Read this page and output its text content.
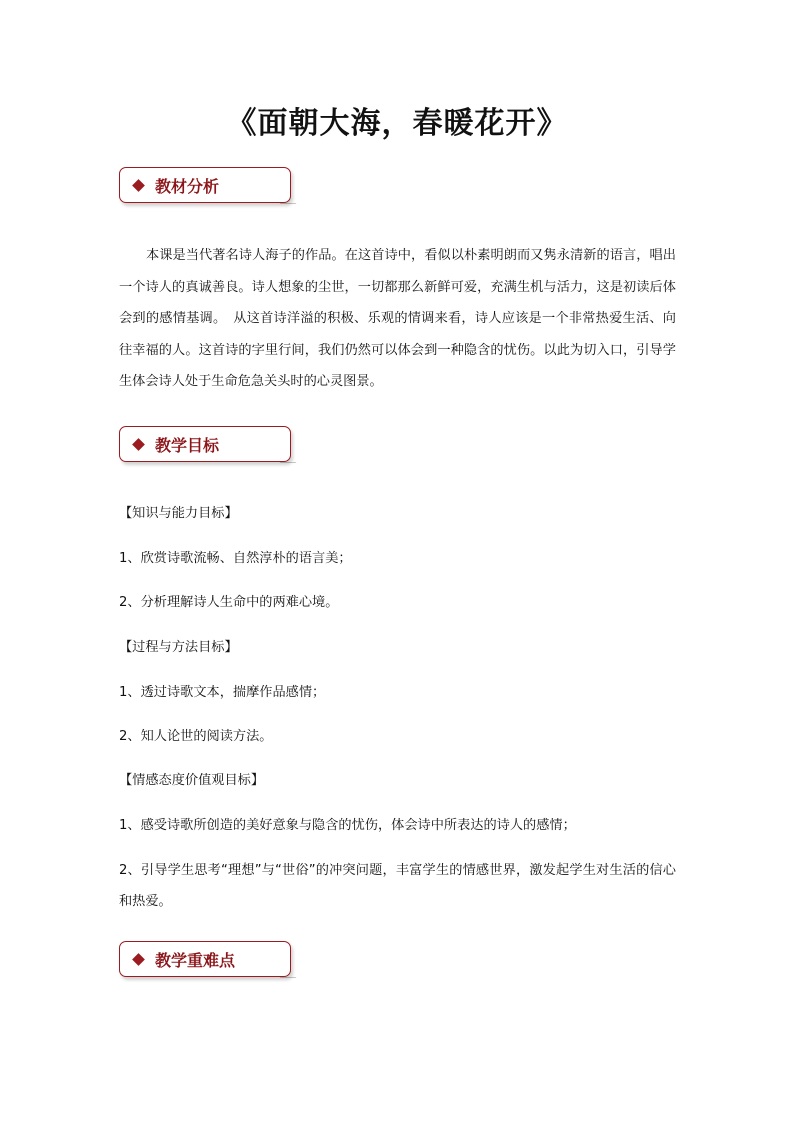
《面朝大海，春暖花开》
教材分析

本课是当代著名诗人海子的作品。在这首诗中，看似以朴素明朗而又隽永清新的语言，唱出一个诗人的真诚善良。诗人想象的尘世，一切都那么新鲜可爱，充满生机与活力，这是初读后体会到的感情基调。　从这首诗洋溢的积极、乐观的情调来看，诗人应该是一个非常热爱生活、向往幸福的人。这首诗的字里行间，我们仍然可以体会到一种隐含的忧伤。以此为切入口，引导学生体会诗人处于生命危急关头时的心灵图景。

教学目标

【知识与能力目标】

1、欣赏诗歌流畅、自然淳朴的语言美；

2、分析理解诗人生命中的两难心境。

【过程与方法目标】

1、透过诗歌文本，揣摩作品感情；

2、知人论世的阅读方法。

【情感态度价值观目标】

1、感受诗歌所创造的美好意象与隐含的忧伤，体会诗中所表达的诗人的感情；

2、引导学生思考“理想”与“世俗”的冲突问题，丰富学生的情感世界，激发起学生对生活的信心和热爱。

教学重难点
